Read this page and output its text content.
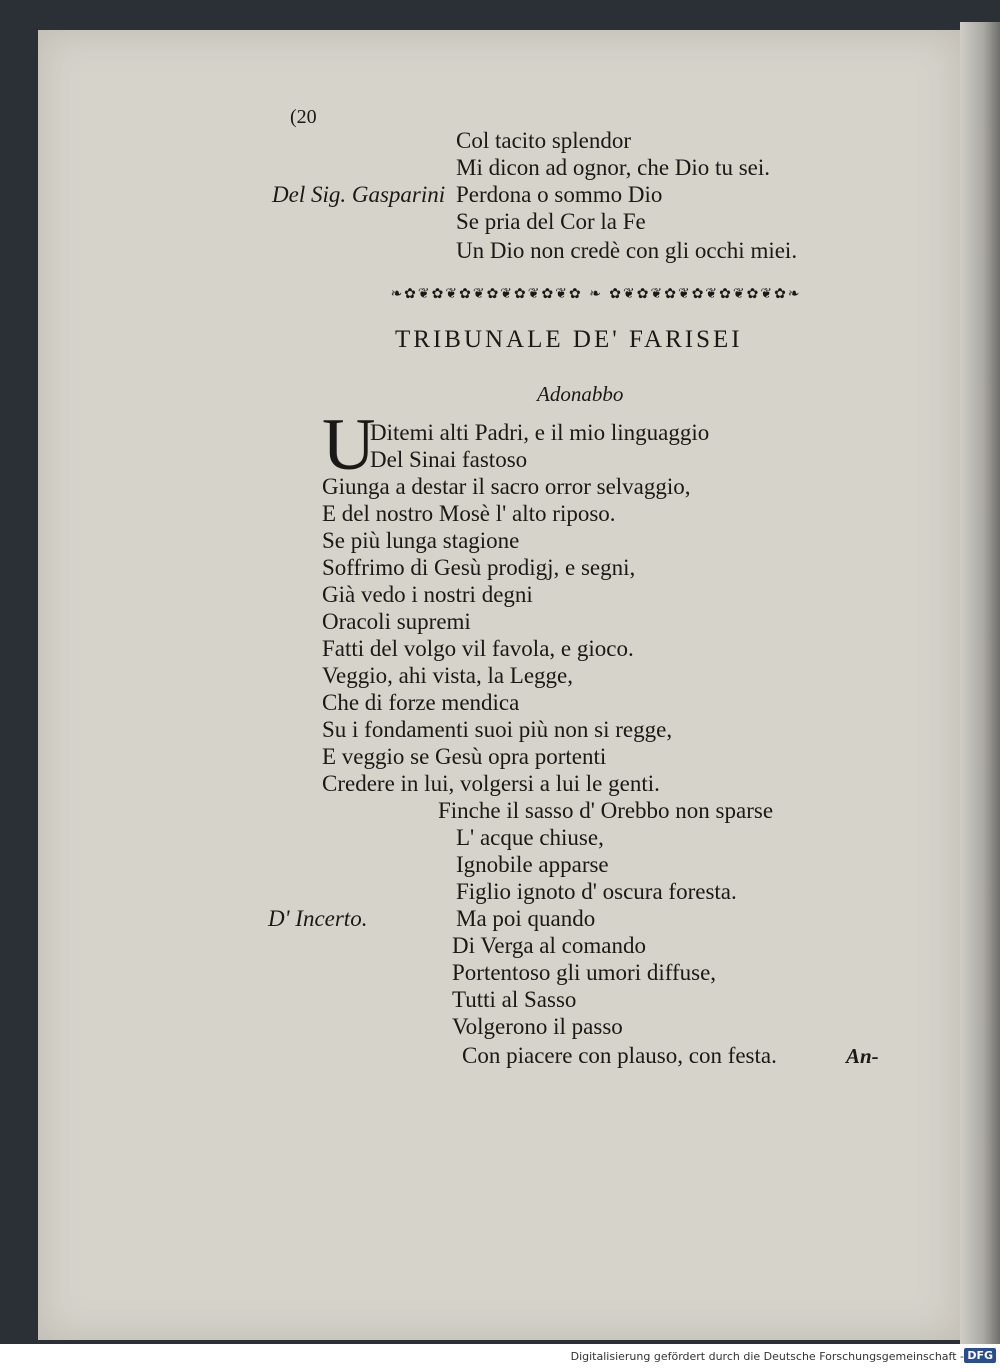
(20
Col tacito splendor
Mi dicon ad ognor, che Dio tu sei.
Del Sig. Gasparini Perdona o sommo Dio
Se pria del Cor la Fe
Un Dio non credè con gli occhi miei.
❧✿❦✿❦✿❦✿❦✿❦✿❦✿ ❧ ✿❦✿❦✿❦✿❦✿❦✿❦✿❧
TRIBUNALE DE' FARISEI
Adonabbo
U
Ditemi alti Padri, e il mio linguaggio
Del Sinai fastoso
Giunga a destar il sacro orror selvaggio,
E del nostro Mosè l' alto riposo.
Se più lunga stagione
Soffrimo di Gesù prodigj, e segni,
Già vedo i nostri degni
Oracoli supremi
Fatti del volgo vil favola, e gioco.
Veggio, ahi vista, la Legge,
Che di forze mendica
Su i fondamenti suoi più non si regge,
E veggio se Gesù opra portenti
Credere in lui, volgersi a lui le genti.
Finche il sasso d' Orebbo non sparse
L' acque chiuse,
Ignobile apparse
Figlio ignoto d' oscura foresta.
D' Incerto.	Ma poi quando
Di Verga al comando
Portentoso gli umori diffuse,
Tutti al Sasso
Volgerono il passo
Con piacere con plauso, con festa.	An-
Digitalisierung gefördert durch die Deutsche Forschungsgemeinschaft - DFG
